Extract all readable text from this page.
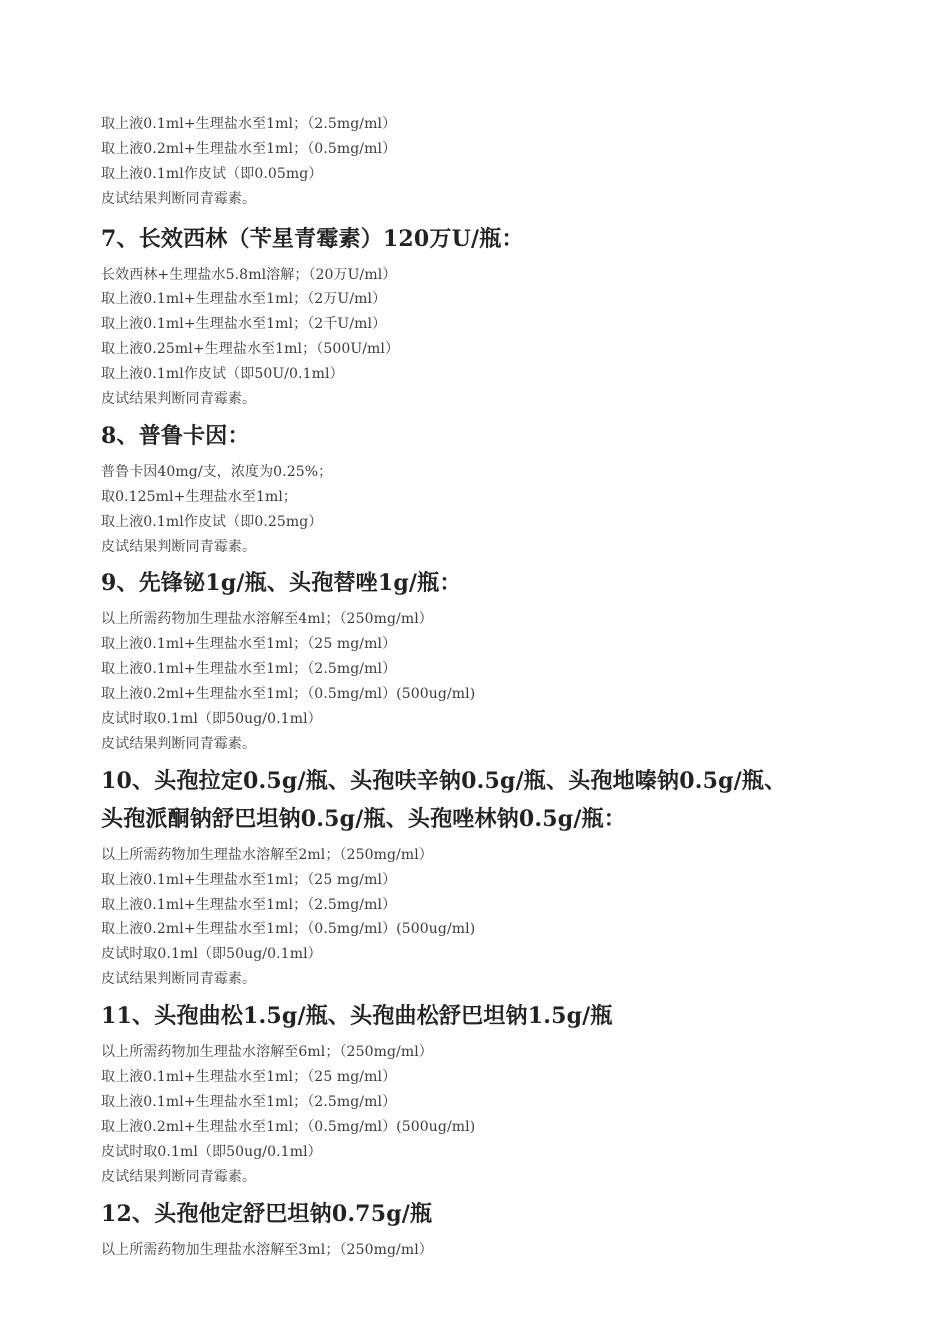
取上液0.1ml+生理盐水至1ml；（2.5mg/ml）
取上液0.2ml+生理盐水至1ml；（0.5mg/ml）
取上液0.1ml作皮试（即0.05mg）
皮试结果判断同青霉素。
7、长效西林（苄星青霉素）120万U/瓶：
长效西林+生理盐水5.8ml溶解；（20万U/ml）
取上液0.1ml+生理盐水至1ml；（2万U/ml）
取上液0.1ml+生理盐水至1ml；（2千U/ml）
取上液0.25ml+生理盐水至1ml；（500U/ml）
取上液0.1ml作皮试（即50U/0.1ml）
皮试结果判断同青霉素。
8、普鲁卡因：
普鲁卡因40mg/支，浓度为0.25%；
取0.125ml+生理盐水至1ml；
取上液0.1ml作皮试（即0.25mg）
皮试结果判断同青霉素。
9、先锋铋1g/瓶、头孢替唑1g/瓶：
以上所需药物加生理盐水溶解至4ml；（250mg/ml）
取上液0.1ml+生理盐水至1ml；（25 mg/ml）
取上液0.1ml+生理盐水至1ml；（2.5mg/ml）
取上液0.2ml+生理盐水至1ml；（0.5mg/ml）(500ug/ml)
皮试时取0.1ml（即50ug/0.1ml）
皮试结果判断同青霉素。
10、头孢拉定0.5g/瓶、头孢呋辛钠0.5g/瓶、头孢地嗪钠0.5g/瓶、
头孢派酮钠舒巴坦钠0.5g/瓶、头孢唑林钠0.5g/瓶：
以上所需药物加生理盐水溶解至2ml；（250mg/ml）
取上液0.1ml+生理盐水至1ml；（25 mg/ml）
取上液0.1ml+生理盐水至1ml；（2.5mg/ml）
取上液0.2ml+生理盐水至1ml；（0.5mg/ml）(500ug/ml)
皮试时取0.1ml（即50ug/0.1ml）
皮试结果判断同青霉素。
11、头孢曲松1.5g/瓶、头孢曲松舒巴坦钠1.5g/瓶
以上所需药物加生理盐水溶解至6ml；（250mg/ml）
取上液0.1ml+生理盐水至1ml；（25 mg/ml）
取上液0.1ml+生理盐水至1ml；（2.5mg/ml）
取上液0.2ml+生理盐水至1ml；（0.5mg/ml）(500ug/ml)
皮试时取0.1ml（即50ug/0.1ml）
皮试结果判断同青霉素。
12、头孢他定舒巴坦钠0.75g/瓶
以上所需药物加生理盐水溶解至3ml；（250mg/ml）
